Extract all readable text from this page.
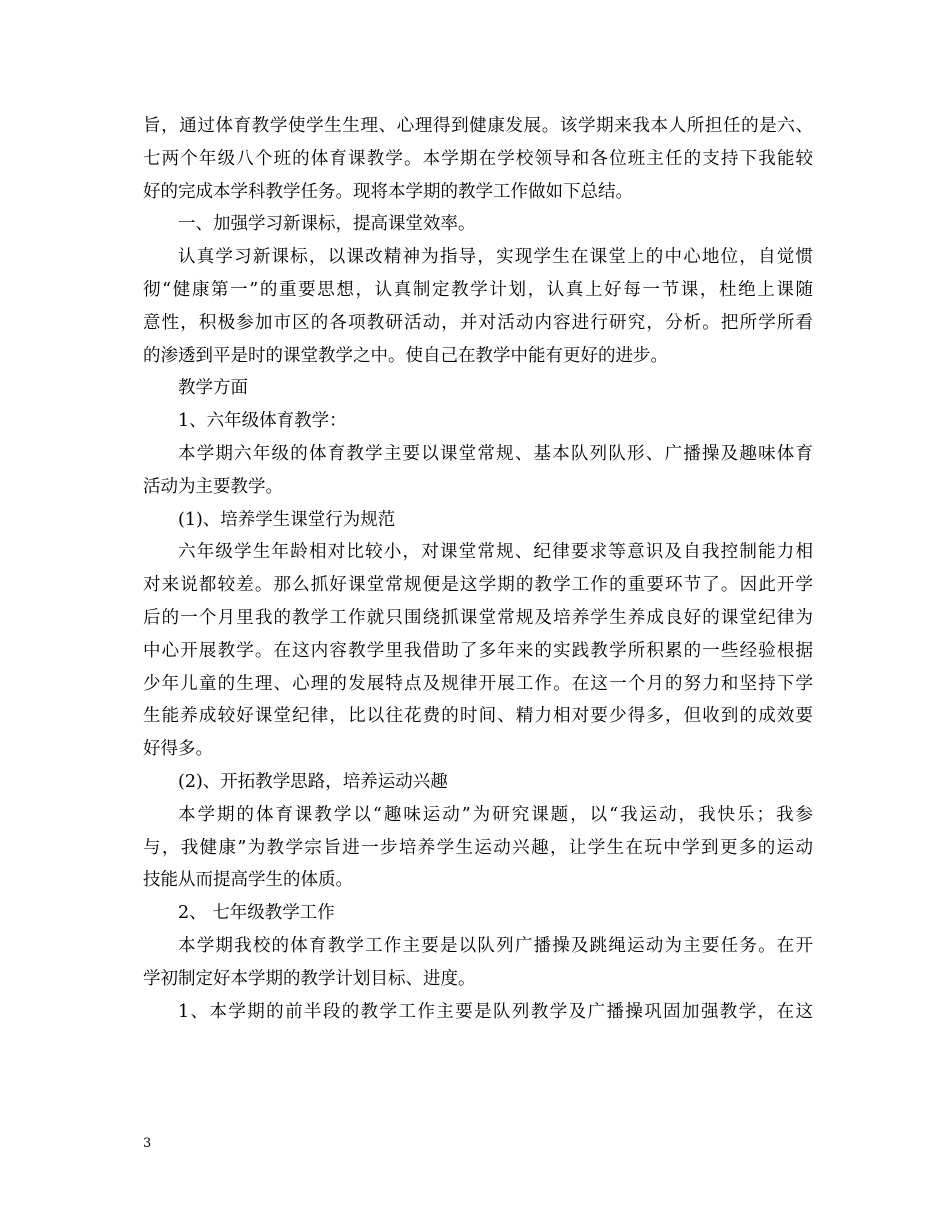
旨，通过体育教学使学生生理、心理得到健康发展。该学期来我本人所担任的是六、
七两个年级八个班的体育课教学。本学期在学校领导和各位班主任的支持下我能较
好的完成本学科教学任务。现将本学期的教学工作做如下总结。
一、加强学习新课标，提高课堂效率。
认真学习新课标，以课改精神为指导，实现学生在课堂上的中心地位，自觉惯
彻“健康第一”的重要思想，认真制定教学计划，认真上好每一节课，杜绝上课随
意性，积极参加市区的各项教研活动，并对活动内容进行研究，分析。把所学所看
的渗透到平是时的课堂教学之中。使自己在教学中能有更好的进步。
教学方面
1、六年级体育教学：
本学期六年级的体育教学主要以课堂常规、基本队列队形、广播操及趣味体育
活动为主要教学。
(1)、培养学生课堂行为规范
六年级学生年龄相对比较小，对课堂常规、纪律要求等意识及自我控制能力相
对来说都较差。那么抓好课堂常规便是这学期的教学工作的重要环节了。因此开学
后的一个月里我的教学工作就只围绕抓课堂常规及培养学生养成良好的课堂纪律为
中心开展教学。在这内容教学里我借助了多年来的实践教学所积累的一些经验根据
少年儿童的生理、心理的发展特点及规律开展工作。在这一个月的努力和坚持下学
生能养成较好课堂纪律，比以往花费的时间、精力相对要少得多，但收到的成效要
好得多。
(2)、开拓教学思路，培养运动兴趣
本学期的体育课教学以“趣味运动”为研究课题，以“我运动，我快乐；我参
与，我健康”为教学宗旨进一步培养学生运动兴趣，让学生在玩中学到更多的运动
技能从而提高学生的体质。
2、 七年级教学工作
本学期我校的体育教学工作主要是以队列广播操及跳绳运动为主要任务。在开
学初制定好本学期的教学计划目标、进度。
1、本学期的前半段的教学工作主要是队列教学及广播操巩固加强教学，在这
3
